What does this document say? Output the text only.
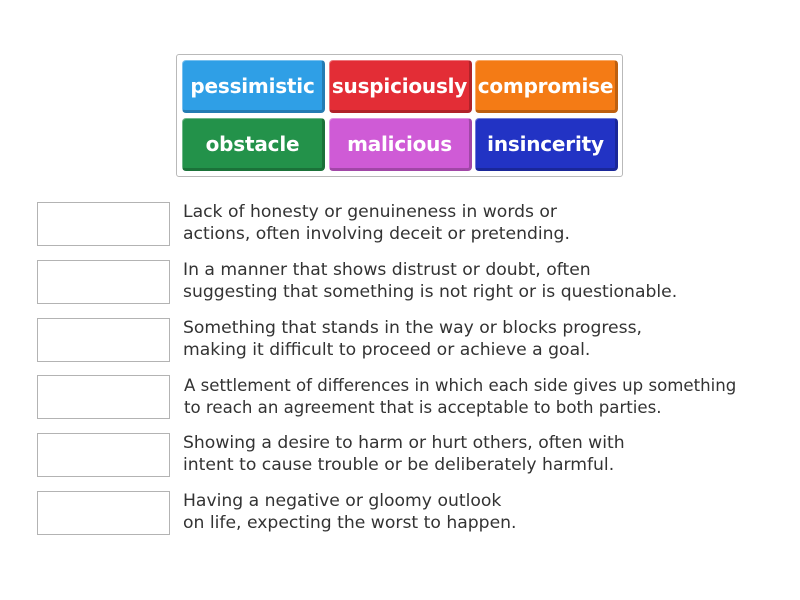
pessimistic suspiciously compromise
obstacle	malicious	insincerity
Lack of honesty or genuineness in words or
actions, often involving deceit or pretending.
In a manner that shows distrust or doubt, often
suggesting that something is not right or is questionable.
Something that stands in the way or blocks progress,
making it difficult to proceed or achieve a goal.
A settlement of differences in which each side gives up something
to reach an agreement that is acceptable to both parties.
Showing a desire to harm or hurt others, often with
intent to cause trouble or be deliberately harmful.
Having a negative or gloomy outlook
on life, expecting the worst to happen.
